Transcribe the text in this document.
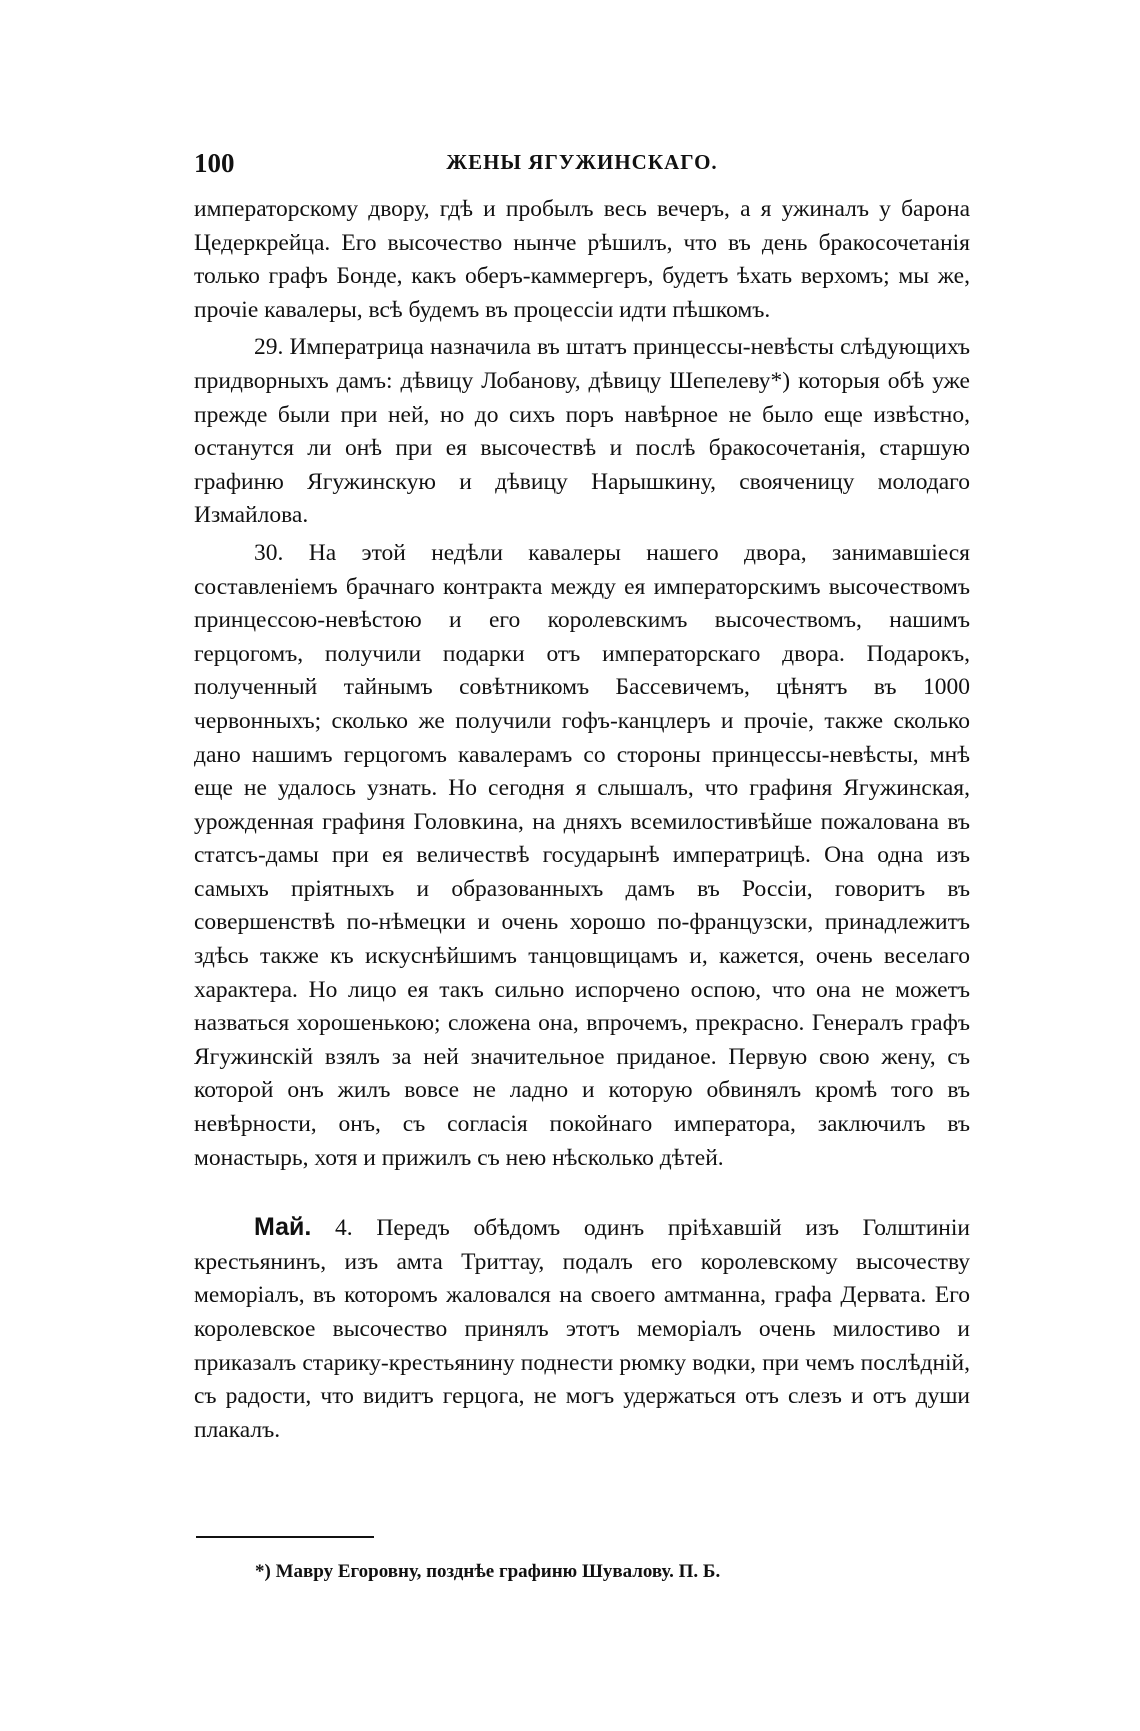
100	ЖЕНЫ ЯГУЖИНСКАГО.

императорскому двору, гдѣ и пробылъ весь вечеръ, а я ужиналъ у барона Цедеркрейца. Его высочество нынче рѣшилъ, что въ день бракосочетанія только графъ Бонде, какъ оберъ-каммергеръ, будетъ ѣхать верхомъ; мы же, прочіе кавалеры, всѣ будемъ въ процессіи идти пѣшкомъ.

29. Императрица назначила въ штатъ принцессы-невѣсты слѣдующихъ придворныхъ дамъ: дѣвицу Лобанову, дѣвицу Шепелеву*) которыя обѣ уже прежде были при ней, но до сихъ поръ навѣрное не было еще извѣстно, останутся ли онѣ при ея высочествѣ и послѣ бракосочетанія, старшую графиню Ягужинскую и дѣвицу Нарышкину, свояченицу молодаго Измайлова.

30. На этой недѣли кавалеры нашего двора, занимавшіеся составленіемъ брачнаго контракта между ея императорскимъ высочествомъ принцессою-невѣстою и его королевскимъ высочествомъ, нашимъ герцогомъ, получили подарки отъ императорскаго двора. Подарокъ, полученный тайнымъ совѣтникомъ Бассевичемъ, цѣнятъ въ 1000 червонныхъ; сколько же получили гофъ-канцлеръ и прочіе, также сколько дано нашимъ герцогомъ кавалерамъ со стороны принцессы-невѣсты, мнѣ еще не удалось узнать. Но сегодня я слышалъ, что графиня Ягужинская, урожденная графиня Головкина, на дняхъ всемилостивѣйше пожалована въ статсъ-дамы при ея величествѣ государынѣ императрицѣ. Она одна изъ самыхъ пріятныхъ и образованныхъ дамъ въ Россіи, говоритъ въ совершенствѣ по-нѣмецки и очень хорошо по-французски, принадлежитъ здѣсь также къ искуснѣйшимъ танцовщицамъ и, кажется, очень веселаго характера. Но лицо ея такъ сильно испорчено оспою, что она не можетъ назваться хорошенькою; сложена она, впрочемъ, прекрасно. Генералъ графъ Ягужинскій взялъ за ней значительное приданое. Первую свою жену, съ которой онъ жилъ вовсе не ладно и которую обвинялъ кромѣ того въ невѣрности, онъ, съ согласія покойнаго императора, заключилъ въ монастырь, хотя и прижилъ съ нею нѣсколько дѣтей.

Май. 4. Передъ обѣдомъ одинъ пріѣхавшій изъ Голштиніи крестьянинъ, изъ амта Триттау, подалъ его королевскому высочеству меморіалъ, въ которомъ жаловался на своего амтманна, графа Дервата. Его королевское высочество принялъ этотъ меморіалъ очень милостиво и приказалъ старику-крестьянину поднести рюмку водки, при чемъ послѣдній, съ радости, что видитъ герцога, не могъ удержаться отъ слезъ и отъ души плакалъ.

*) Мавру Егоровну, позднѣе графиню Шувалову. П. Б.
